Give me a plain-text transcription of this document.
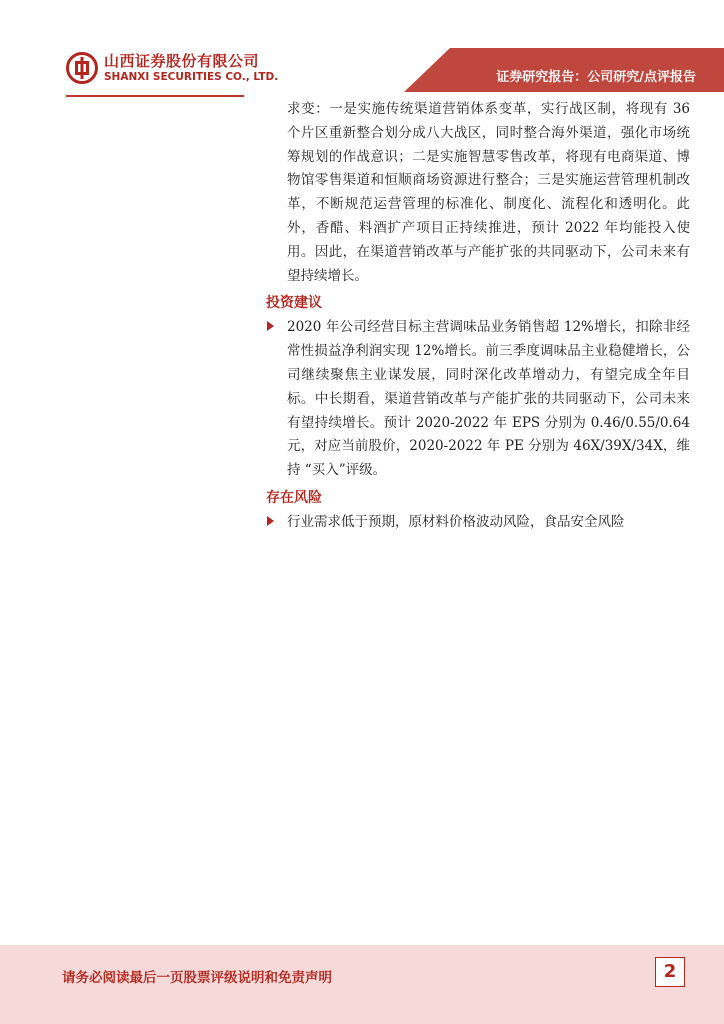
山西证券股份有限公司
SHANXI SECURITIES CO., LTD.	证券研究报告：公司研究/点评报告

求变：一是实施传统渠道营销体系变革，实行战区制，将现有 36 个片区重新整合划分成八大战区，同时整合海外渠道，强化市场统筹规划的作战意识；二是实施智慧零售改革，将现有电商渠道、博物馆零售渠道和恒顺商场资源进行整合；三是实施运营管理机制改革，不断规范运营管理的标准化、制度化、流程化和透明化。此外，香醋、料酒扩产项目正持续推进，预计 2022 年均能投入使用。因此，在渠道营销改革与产能扩张的共同驱动下，公司未来有望持续增长。

投资建议

2020 年公司经营目标主营调味品业务销售超 12%增长，扣除非经常性损益净利润实现 12%增长。前三季度调味品主业稳健增长，公司继续聚焦主业谋发展，同时深化改革增动力，有望完成全年目标。中长期看，渠道营销改革与产能扩张的共同驱动下，公司未来有望持续增长。预计 2020-2022 年 EPS 分别为 0.46/0.55/0.64 元，对应当前股价，2020-2022 年 PE 分别为 46X/39X/34X，维持 “买入”评级。

存在风险

行业需求低于预期，原材料价格波动风险，食品安全风险

请务必阅读最后一页股票评级说明和免责声明	2
